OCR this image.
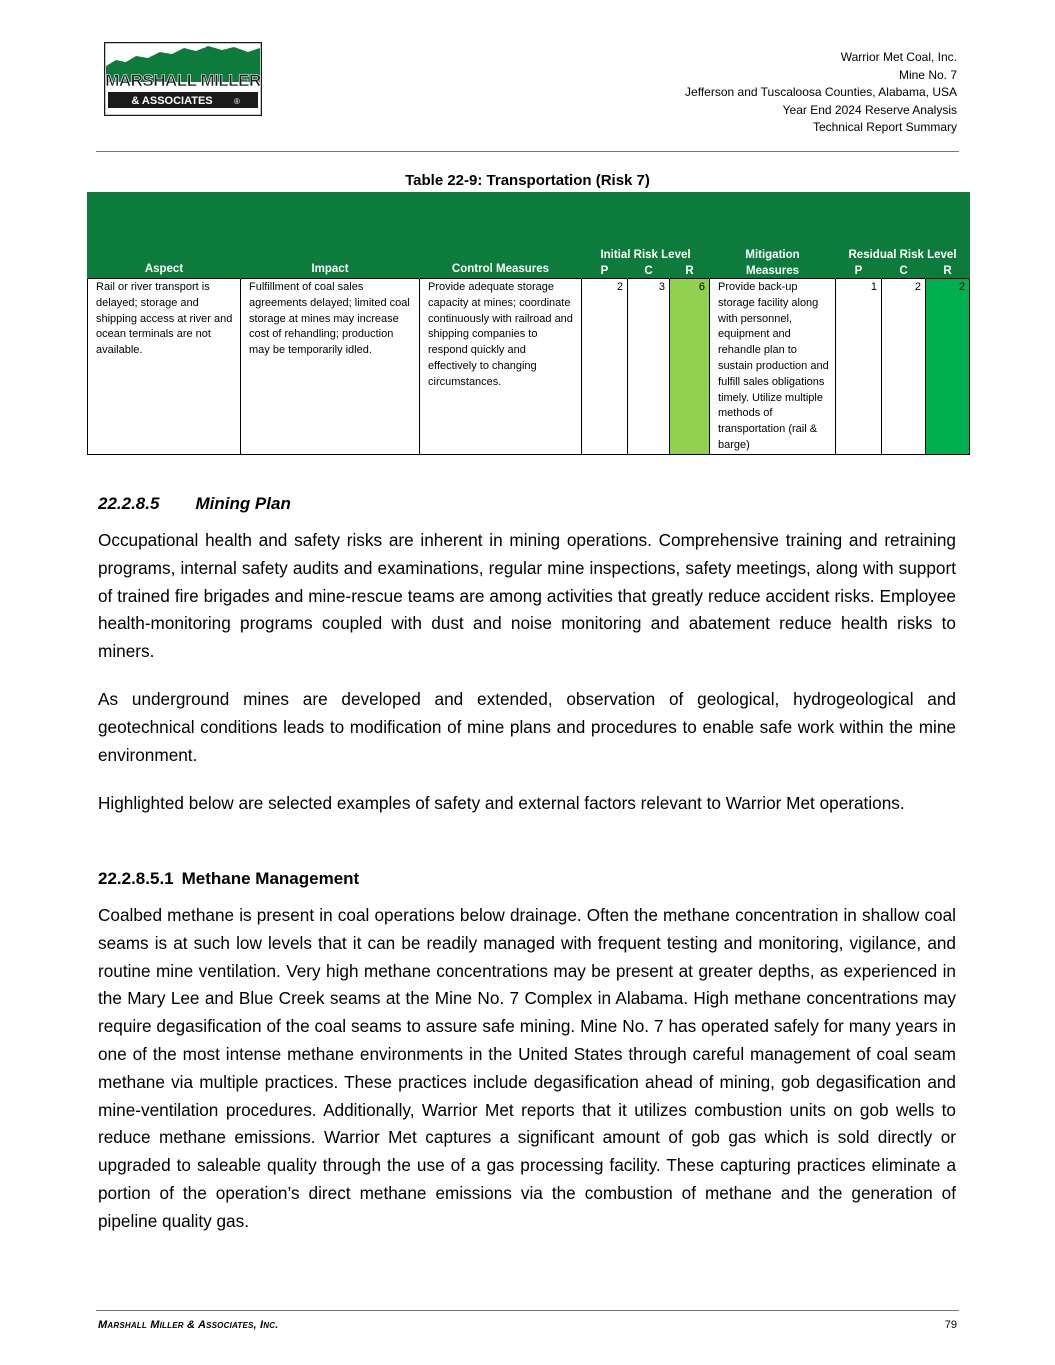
MARSHALL MILLER
& ASSOCIATES	®
Warrior Met Coal, Inc.
Mine No. 7
Jefferson and Tuscaloosa Counties, Alabama, USA
Year End 2024 Reserve Analysis
Technical Report Summary
Table 22-9: Transportation (Risk 7)
Aspect	Impact	Control Measures	Initial Risk Level			Mitigation	Residual Risk Level		
			P	C	R	Measures	P	C	R
Rail or river transport is delayed; storage and shipping access at river and ocean terminals are not available.	Fulfillment of coal sales agreements delayed; limited coal storage at mines may increase cost of rehandling; production may be temporarily idled.	Provide adequate storage capacity at mines; coordinate continuously with railroad and shipping companies to respond quickly and effectively to changing circumstances.	2	3	6	Provide back-up storage facility along with personnel, equipment and rehandle plan to sustain production and fulfill sales obligations timely. Utilize multiple methods of transportation (rail & barge)	1	2	2
22.2.8.5 Mining Plan

Occupational health and safety risks are inherent in mining operations. Comprehensive training and retraining programs, internal safety audits and examinations, regular mine inspections, safety meetings, along with support of trained fire brigades and mine-rescue teams are among activities that greatly reduce accident risks. Employee health-monitoring programs coupled with dust and noise monitoring and abatement reduce health risks to miners.

As underground mines are developed and extended, observation of geological, hydrogeological and geotechnical conditions leads to modification of mine plans and procedures to enable safe work within the mine environment.

Highlighted below are selected examples of safety and external factors relevant to Warrior Met operations.

22.2.8.5.1 Methane Management

Coalbed methane is present in coal operations below drainage. Often the methane concentration in shallow coal seams is at such low levels that it can be readily managed with frequent testing and monitoring, vigilance, and routine mine ventilation. Very high methane concentrations may be present at greater depths, as experienced in the Mary Lee and Blue Creek seams at the Mine No. 7 Complex in Alabama. High methane concentrations may require degasification of the coal seams to assure safe mining. Mine No. 7 has operated safely for many years in one of the most intense methane environments in the United States through careful management of coal seam methane via multiple practices. These practices include degasification ahead of mining, gob degasification and mine-ventilation procedures. Additionally, Warrior Met reports that it utilizes combustion units on gob wells to reduce methane emissions. Warrior Met captures a significant amount of gob gas which is sold directly or upgraded to saleable quality through the use of a gas processing facility. These capturing practices eliminate a portion of the operation’s direct methane emissions via the combustion of methane and the generation of pipeline quality gas.

Marshall Miller & Associates, Inc.	79
